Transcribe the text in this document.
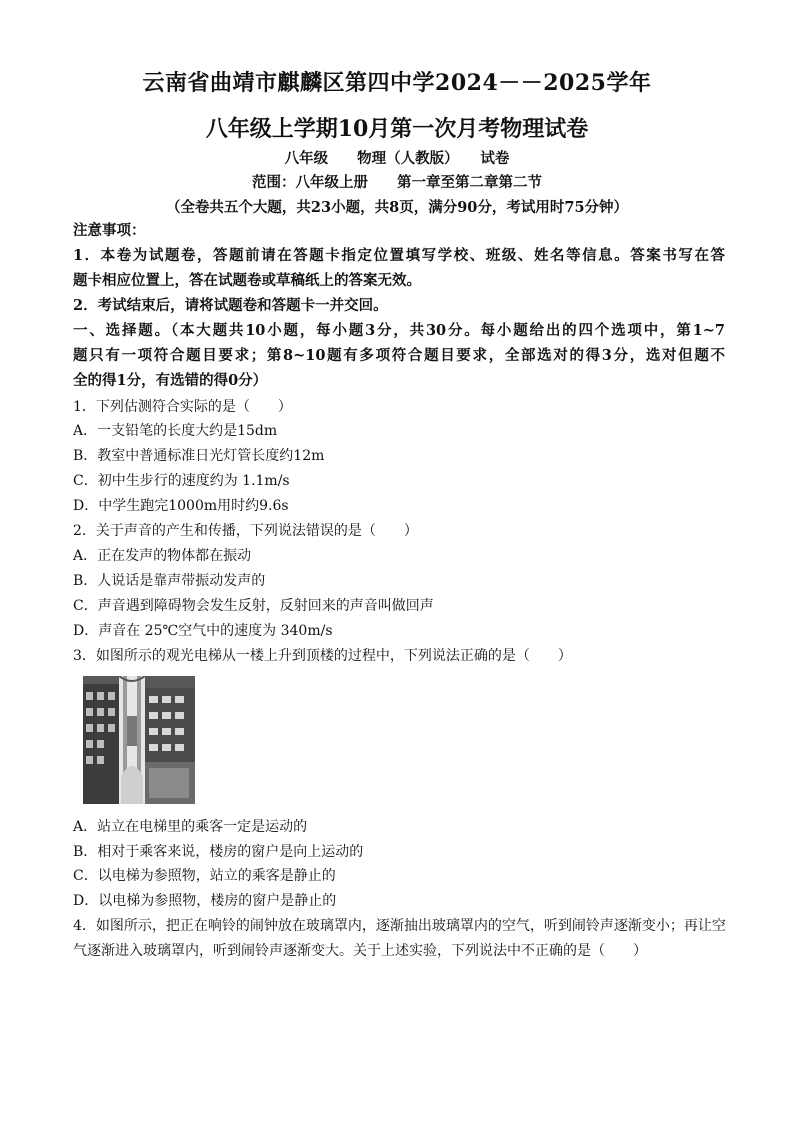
云南省曲靖市麒麟区第四中学2024－－2025学年
八年级上学期10月第一次月考物理试卷
八年级　　物理（人教版）　　试卷
范围：八年级上册　　第一章至第二章第二节
（全卷共五个大题，共23小题，共8页，满分90分，考试用时75分钟）
注意事项：
1．本卷为试题卷，答题前请在答题卡指定位置填写学校、班级、姓名等信息。答案书写在答
题卡相应位置上，答在试题卷或草稿纸上的答案无效。
2．考试结束后，请将试题卷和答题卡一并交回。
一、选择题。（本大题共10小题，每小题3分，共30分。每小题给出的四个选项中，第1~7
题只有一项符合题目要求；第8~10题有多项符合题目要求，全部选对的得3分，选对但题不
全的得1分，有选错的得0分）
1．下列估测符合实际的是（　　）
A．一支铅笔的长度大约是15dm
B．教室中普通标准日光灯管长度约12m
C．初中生步行的速度约为 1.1m/s
D．中学生跑完1000m用时约9.6s
2．关于声音的产生和传播，下列说法错误的是（　　）
A．正在发声的物体都在振动
B．人说话是靠声带振动发声的
C．声音遇到障碍物会发生反射，反射回来的声音叫做回声
D．声音在 25℃空气中的速度为 340m/s
3．如图所示的观光电梯从一楼上升到顶楼的过程中，下列说法正确的是（　　）
A．站立在电梯里的乘客一定是运动的
B．相对于乘客来说，楼房的窗户是向上运动的
C．以电梯为参照物，站立的乘客是静止的
D．以电梯为参照物，楼房的窗户是静止的
4．如图所示，把正在响铃的闹钟放在玻璃罩内，逐渐抽出玻璃罩内的空气，听到闹铃声逐渐变小；再让空
气逐渐进入玻璃罩内，听到闹铃声逐渐变大。关于上述实验，下列说法中不正确的是（　　）
